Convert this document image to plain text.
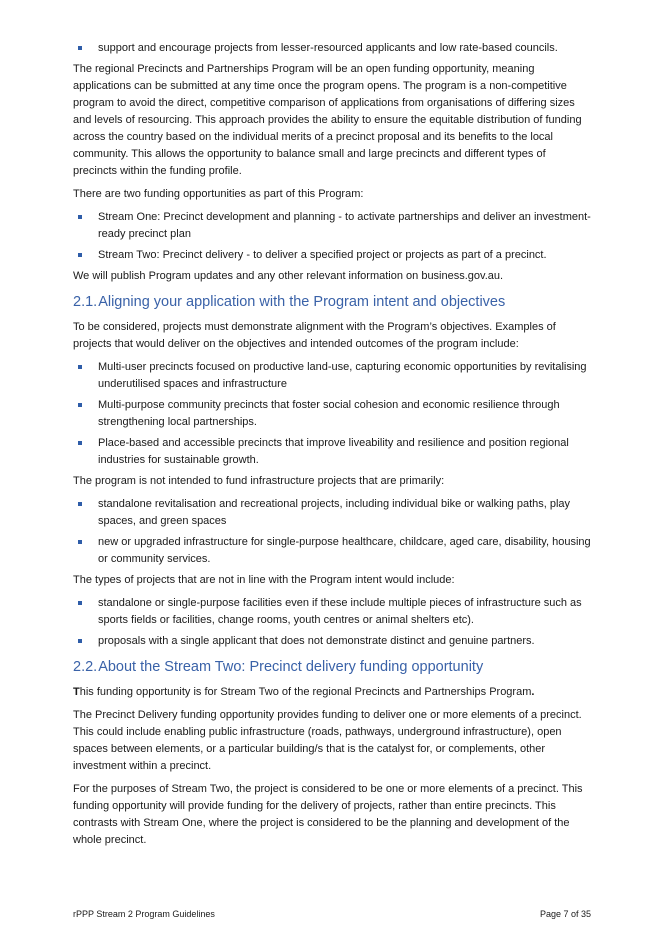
support and encourage projects from lesser-resourced applicants and low rate-based councils.

The regional Precincts and Partnerships Program will be an open funding opportunity, meaning applications can be submitted at any time once the program opens. The program is a non-competitive program to avoid the direct, competitive comparison of applications from organisations of differing sizes and levels of resourcing. This approach provides the ability to ensure the equitable distribution of funding across the country based on the individual merits of a precinct proposal and its benefits to the local community. This allows the opportunity to balance small and large precincts and different types of precincts within the funding profile.

There are two funding opportunities as part of this Program:

Stream One: Precinct development and planning - to activate partnerships and deliver an investment-ready precinct plan
Stream Two: Precinct delivery - to deliver a specified project or projects as part of a precinct.

We will publish Program updates and any other relevant information on business.gov.au.

2.1.Aligning your application with the Program intent and objectives

To be considered, projects must demonstrate alignment with the Program’s objectives. Examples of projects that would deliver on the objectives and intended outcomes of the program include:

Multi-user precincts focused on productive land-use, capturing economic opportunities by revitalising underutilised spaces and infrastructure
Multi-purpose community precincts that foster social cohesion and economic resilience through strengthening local partnerships.
Place-based and accessible precincts that improve liveability and resilience and position regional industries for sustainable growth.

The program is not intended to fund infrastructure projects that are primarily:

standalone revitalisation and recreational projects, including individual bike or walking paths, play spaces, and green spaces
new or upgraded infrastructure for single-purpose healthcare, childcare, aged care, disability, housing or community services.

The types of projects that are not in line with the Program intent would include:

standalone or single-purpose facilities even if these include multiple pieces of infrastructure such as sports fields or facilities, change rooms, youth centres or animal shelters etc).
proposals with a single applicant that does not demonstrate distinct and genuine partners.
2.2.About the Stream Two: Precinct delivery funding opportunity

This funding opportunity is for Stream Two of the regional Precincts and Partnerships Program.

The Precinct Delivery funding opportunity provides funding to deliver one or more elements of a precinct. This could include enabling public infrastructure (roads, pathways, underground infrastructure), open spaces between elements, or a particular building/s that is the catalyst for, or complements, other investment within a precinct.

For the purposes of Stream Two, the project is considered to be one or more elements of a precinct. This funding opportunity will provide funding for the delivery of projects, rather than entire precincts. This contrasts with Stream One, where the project is considered to be the planning and development of the whole precinct.

rPPP Stream 2 Program Guidelines	Page 7 of 35
